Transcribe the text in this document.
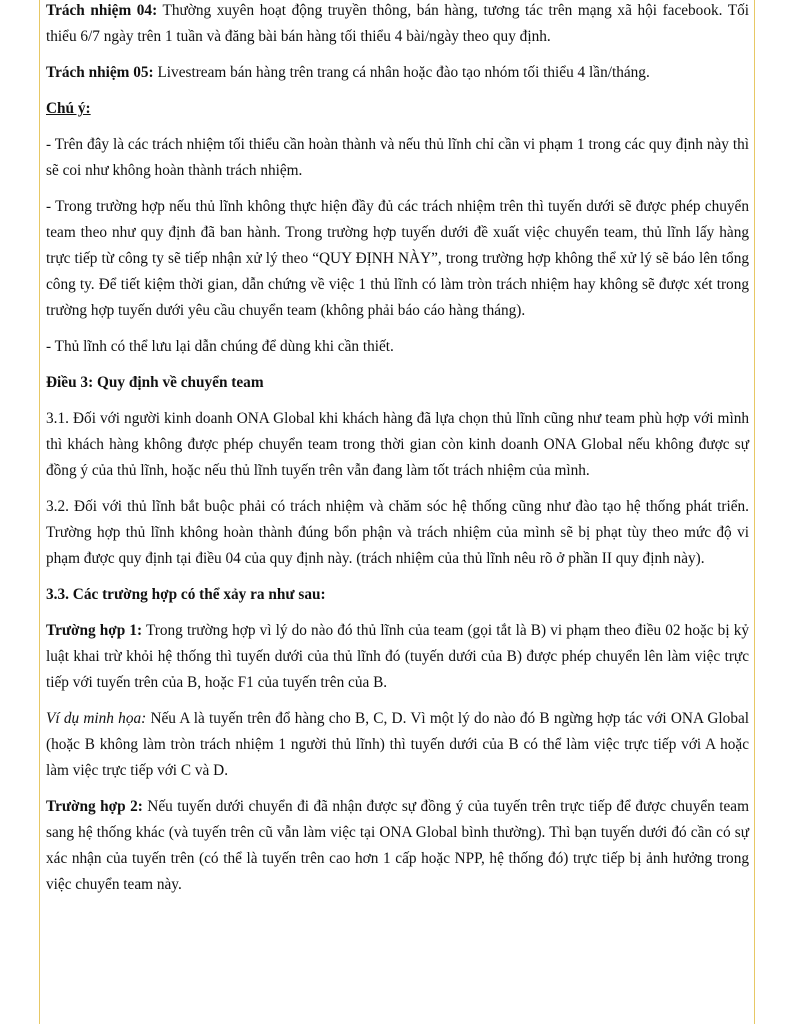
Trách nhiệm 04: Thường xuyên hoạt động truyền thông, bán hàng, tương tác trên mạng xã hội facebook. Tối thiểu 6/7 ngày trên 1 tuần và đăng bài bán hàng tối thiểu 4 bài/ngày theo quy định.

Trách nhiệm 05: Livestream bán hàng trên trang cá nhân hoặc đào tạo nhóm tối thiểu 4 lần/tháng.

Chú ý:

- Trên đây là các trách nhiệm tối thiểu cần hoàn thành và nếu thủ lĩnh chỉ cần vi phạm 1 trong các quy định này thì sẽ coi như không hoàn thành trách nhiệm.

- Trong trường hợp nếu thủ lĩnh không thực hiện đầy đủ các trách nhiệm trên thì tuyến dưới sẽ được phép chuyển team theo như quy định đã ban hành. Trong trường hợp tuyến dưới đề xuất việc chuyển team, thủ lĩnh lấy hàng trực tiếp từ công ty sẽ tiếp nhận xử lý theo “QUY ĐỊNH NÀY”, trong trường hợp không thể xử lý sẽ báo lên tổng công ty. Để tiết kiệm thời gian, dẫn chứng về việc 1 thủ lĩnh có làm tròn trách nhiệm hay không sẽ được xét trong trường hợp tuyến dưới yêu cầu chuyển team (không phải báo cáo hàng tháng).

- Thủ lĩnh có thể lưu lại dẫn chúng để dùng khi cần thiết.

Điều 3: Quy định về chuyển team

3.1. Đối với người kinh doanh ONA Global khi khách hàng đã lựa chọn thủ lĩnh cũng như team phù hợp với mình thì khách hàng không được phép chuyển team trong thời gian còn kinh doanh ONA Global nếu không được sự đồng ý của thủ lĩnh, hoặc nếu thủ lĩnh tuyến trên vẫn đang làm tốt trách nhiệm của mình.

3.2. Đối với thủ lĩnh bắt buộc phải có trách nhiệm và chăm sóc hệ thống cũng như đào tạo hệ thống phát triển. Trường hợp thủ lĩnh không hoàn thành đúng bổn phận và trách nhiệm của mình sẽ bị phạt tùy theo mức độ vi phạm được quy định tại điều 04 của quy định này. (trách nhiệm của thủ lĩnh nêu rõ ở phần II quy định này).

3.3. Các trường hợp có thể xảy ra như sau:

Trường hợp 1: Trong trường hợp vì lý do nào đó thủ lĩnh của team (gọi tắt là B) vi phạm theo điều 02 hoặc bị kỷ luật khai trừ khỏi hệ thống thì tuyến dưới của thủ lĩnh đó (tuyến dưới của B) được phép chuyển lên làm việc trực tiếp với tuyến trên của B, hoặc F1 của tuyến trên của B.

Ví dụ minh họa: Nếu A là tuyến trên đổ hàng cho B, C, D. Vì một lý do nào đó B ngừng hợp tác với ONA Global (hoặc B không làm tròn trách nhiệm 1 người thủ lĩnh) thì tuyến dưới của B có thể làm việc trực tiếp với A hoặc làm việc trực tiếp với C và D.

Trường hợp 2: Nếu tuyến dưới chuyển đi đã nhận được sự đồng ý của tuyến trên trực tiếp để được chuyển team sang hệ thống khác (và tuyến trên cũ vẫn làm việc tại ONA Global bình thường). Thì bạn tuyến dưới đó cần có sự xác nhận của tuyến trên (có thể là tuyến trên cao hơn 1 cấp hoặc NPP, hệ thống đó) trực tiếp bị ảnh hưởng trong việc chuyển team này.
